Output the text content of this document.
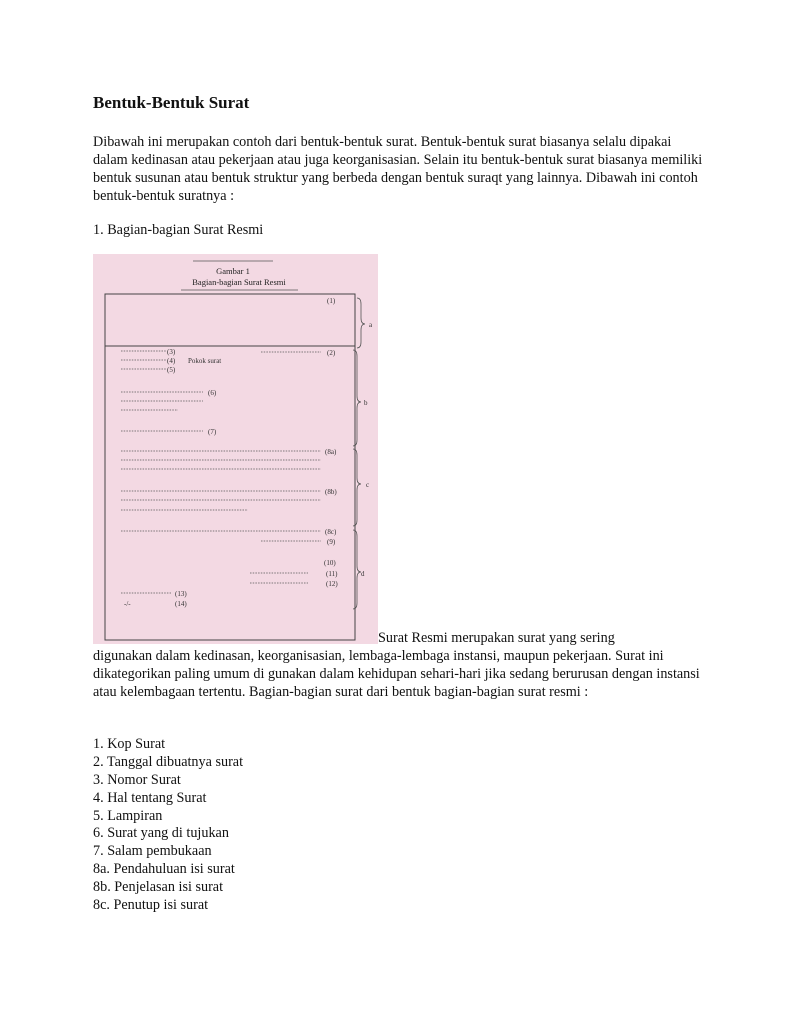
Bentuk-Bentuk Surat

Dibawah ini merupakan contoh dari bentuk-bentuk surat. Bentuk-bentuk surat biasanya selalu dipakai dalam kedinasan atau pekerjaan atau juga keorganisasian. Selain itu bentuk-bentuk surat biasanya memiliki bentuk susunan atau bentuk struktur yang berbeda dengan bentuk suraqt yang lainnya. Dibawah ini contoh bentuk-bentuk suratnya :

1. Bagian-bagian Surat Resmi

Gambar 1
Bagian-bagian Surat Resmi
(1)
(2)
(3)
(4) Pokok surat
(5)
(6)
(7)
(8a)
(8b)
(8c)
(9)
(10)
(11)
(12)
(13)
-/-	(14)
a
b
c
d
Surat Resmi merupakan surat yang sering

digunakan dalam kedinasan, keorganisasian, lembaga-lembaga instansi, maupun pekerjaan. Surat ini dikategorikan paling umum di gunakan dalam kehidupan sehari-hari jika sedang berurusan dengan instansi atau kelembagaan tertentu. Bagian-bagian surat dari bentuk bagian-bagian surat resmi :

1. Kop Surat
2. Tanggal dibuatnya surat
3. Nomor Surat
4. Hal tentang Surat
5. Lampiran
6. Surat yang di tujukan
7. Salam pembukaan
8a. Pendahuluan isi surat
8b. Penjelasan isi surat
8c. Penutup isi surat
